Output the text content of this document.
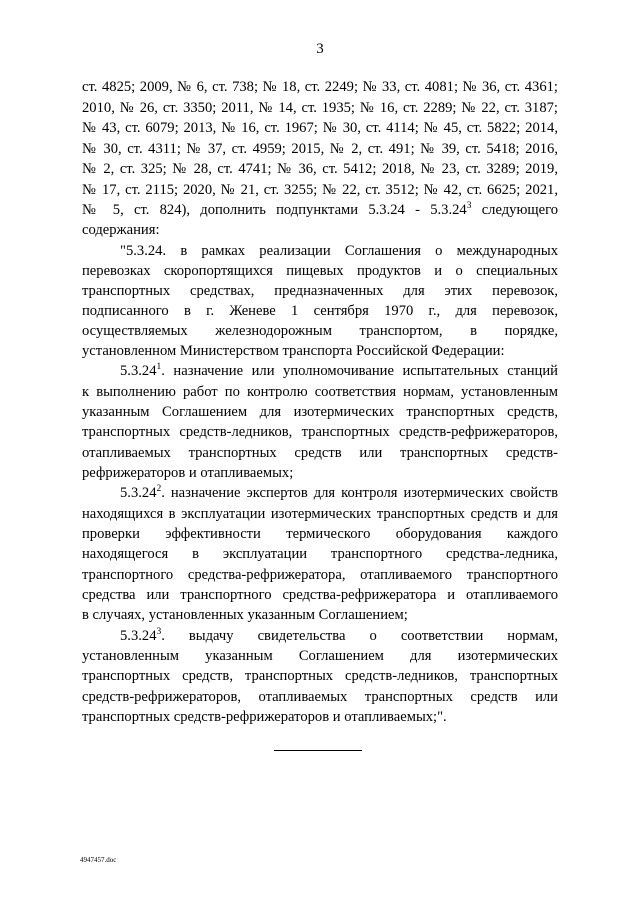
3
ст. 4825; 2009, № 6, ст. 738; № 18, ст. 2249; № 33, ст. 4081; № 36, ст. 4361;
2010, № 26, ст. 3350; 2011, № 14, ст. 1935; № 16, ст. 2289; № 22, ст. 3187;
№ 43, ст. 6079; 2013, № 16, ст. 1967; № 30, ст. 4114; № 45, ст. 5822; 2014,
№ 30, ст. 4311; № 37, ст. 4959; 2015, № 2, ст. 491; № 39, ст. 5418; 2016,
№ 2, ст. 325; № 28, ст. 4741; № 36, ст. 5412; 2018, № 23, ст. 3289; 2019,
№ 17, ст. 2115; 2020, № 21, ст. 3255; № 22, ст. 3512; № 42, ст. 6625; 2021,
№ 5, ст. 824), дополнить подпунктами 5.3.24 - 5.3.24$^3$ следующего
содержания:
"5.3.24. в рамках реализации Соглашения о международных
перевозках скоропортящихся пищевых продуктов и о специальных
транспортных средствах, предназначенных для этих перевозок,
подписанного в г. Женеве 1 сентября 1970 г., для перевозок,
осуществляемых железнодорожным транспортом, в порядке,
установленном Министерством транспорта Российской Федерации:
5.3.24$^1$. назначение или уполномочивание испытательных станций
к выполнению работ по контролю соответствия нормам, установленным
указанным Соглашением для изотермических транспортных средств,
транспортных средств-ледников, транспортных средств-рефрижераторов,
отапливаемых транспортных средств или транспортных средств-
рефрижераторов и отапливаемых;
5.3.24$^2$. назначение экспертов для контроля изотермических свойств
находящихся в эксплуатации изотермических транспортных средств и для
проверки эффективности термического оборудования каждого
находящегося в эксплуатации транспортного средства-ледника,
транспортного средства-рефрижератора, отапливаемого транспортного
средства или транспортного средства-рефрижератора и отапливаемого
в случаях, установленных указанным Соглашением;
5.3.24$^3$. выдачу свидетельства о соответствии нормам,
установленным указанным Соглашением для изотермических
транспортных средств, транспортных средств-ледников, транспортных
средств-рефрижераторов, отапливаемых транспортных средств или
транспортных средств-рефрижераторов и отапливаемых;".
4947457.doc
